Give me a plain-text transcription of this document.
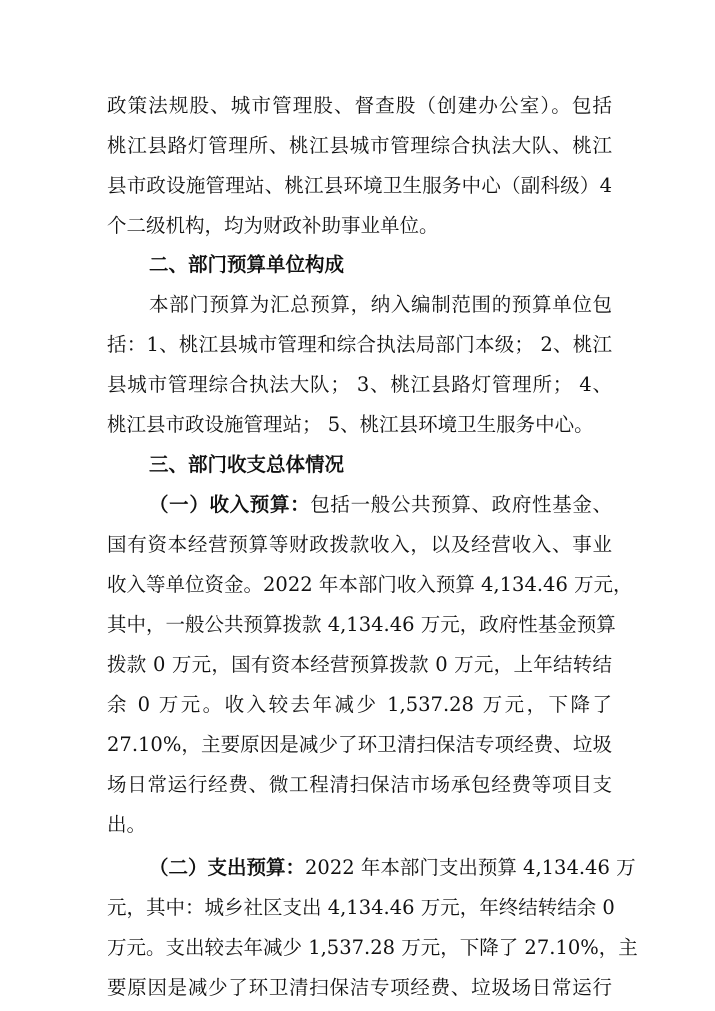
政策法规股、城市管理股、督查股（创建办公室）。包括
桃江县路灯管理所、桃江县城市管理综合执法大队、桃江
县市政设施管理站、桃江县环境卫生服务中心（副科级）4
个二级机构，均为财政补助事业单位。
二、部门预算单位构成
本部门预算为汇总预算，纳入编制范围的预算单位包
括：1、桃江县城市管理和综合执法局部门本级； 2、桃江
县城市管理综合执法大队； 3、桃江县路灯管理所； 4、
桃江县市政设施管理站； 5、桃江县环境卫生服务中心。
三、部门收支总体情况
（一）收入预算：包括一般公共预算、政府性基金、
国有资本经营预算等财政拨款收入，以及经营收入、事业
收入等单位资金。2022 年本部门收入预算 4,134.46 万元，
其中，一般公共预算拨款 4,134.46 万元，政府性基金预算
拨款 0 万元，国有资本经营预算拨款 0 万元，上年结转结
余 0 万元。收入较去年减少 1,537.28 万元，下降了
27.10%，主要原因是减少了环卫清扫保洁专项经费、垃圾
场日常运行经费、微工程清扫保洁市场承包经费等项目支
出。
（二）支出预算：2022 年本部门支出预算 4,134.46 万
元，其中：城乡社区支出 4,134.46 万元，年终结转结余 0
万元。支出较去年减少 1,537.28 万元，下降了 27.10%，主
要原因是减少了环卫清扫保洁专项经费、垃圾场日常运行
